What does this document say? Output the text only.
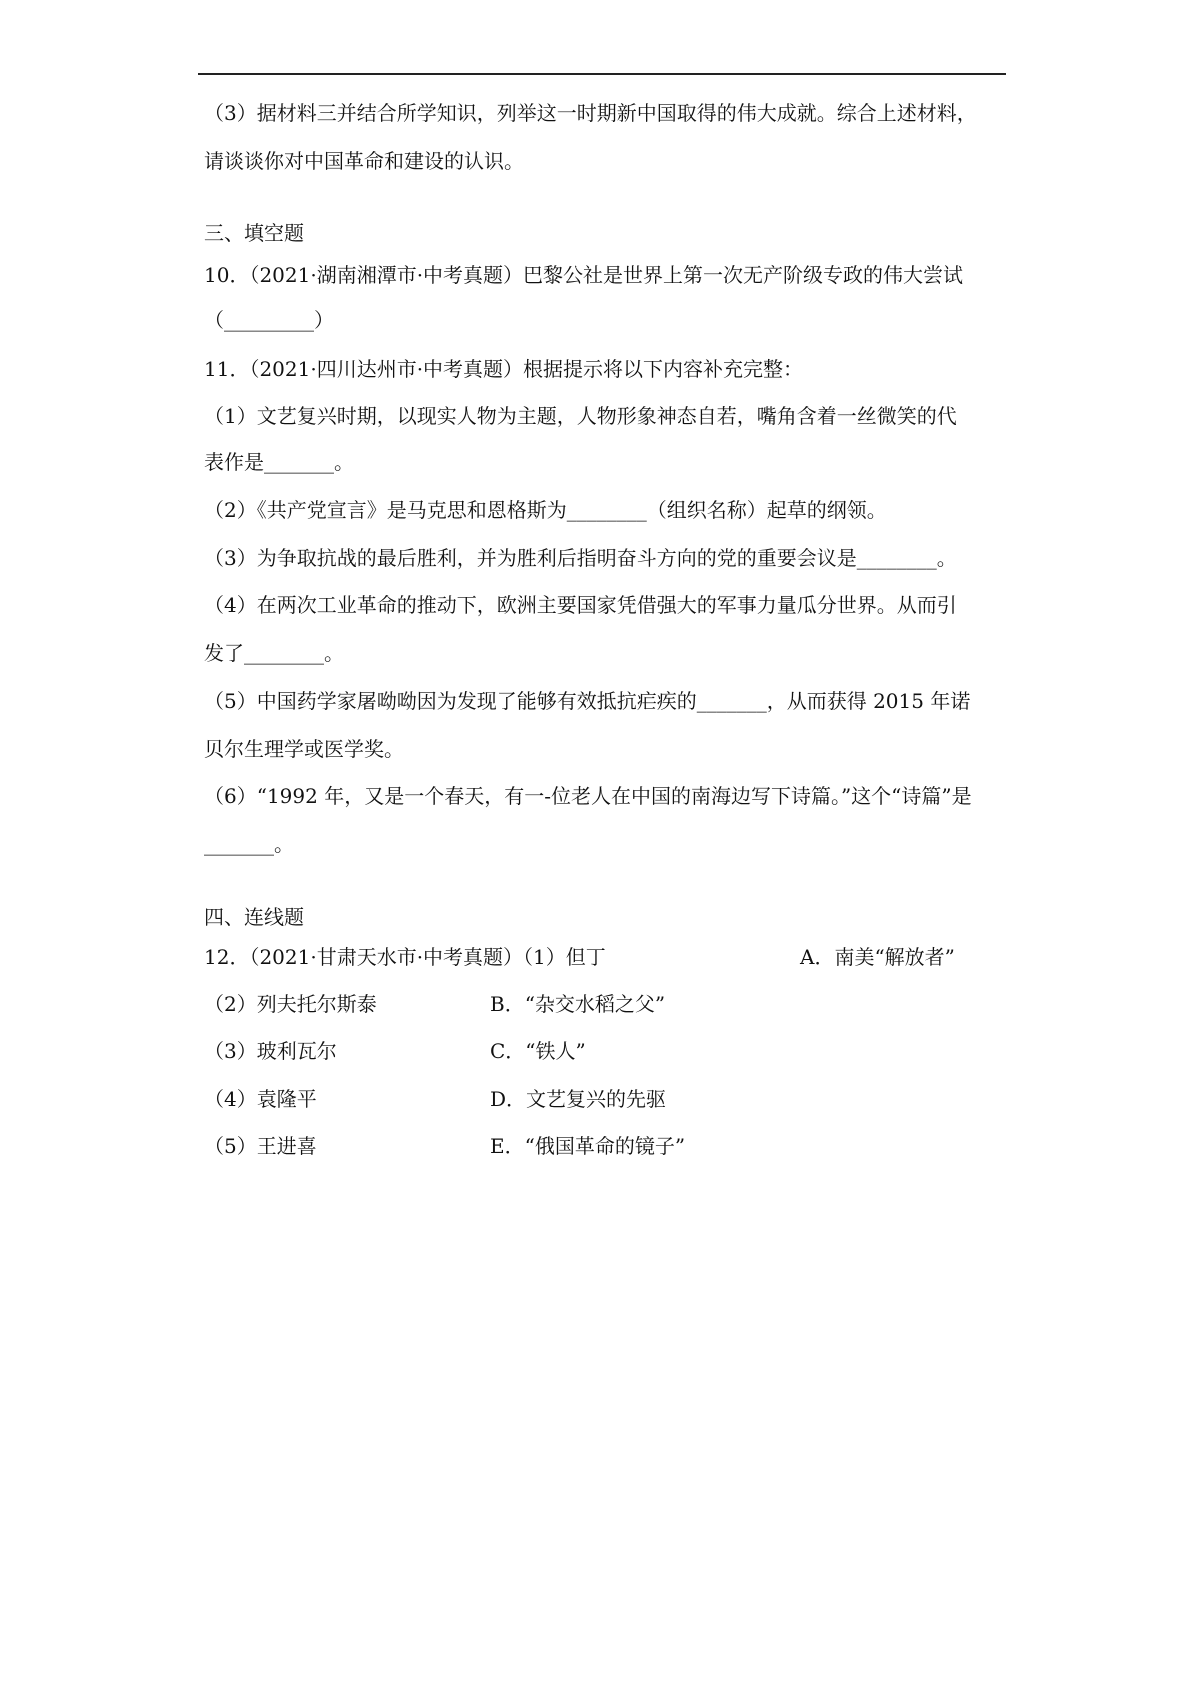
（3）据材料三并结合所学知识，列举这一时期新中国取得的伟大成就。综合上述材料，
请谈谈你对中国革命和建设的认识。
三、填空题
10．（2021·湖南湘潭市·中考真题）巴黎公社是世界上第一次无产阶级专政的伟大尝试
（_________）
11．（2021·四川达州市·中考真题）根据提示将以下内容补充完整：
（1）文艺复兴时期，以现实人物为主题，人物形象神态自若，嘴角含着一丝微笑的代
表作是_______。
（2）《共产党宣言》是马克思和恩格斯为________（组织名称）起草的纲领。
（3）为争取抗战的最后胜利，并为胜利后指明奋斗方向的党的重要会议是________。
（4）在两次工业革命的推动下，欧洲主要国家凭借强大的军事力量瓜分世界。从而引
发了________。
（5）中国药学家屠呦呦因为发现了能够有效抵抗疟疾的_______，从而获得 2015 年诺
贝尔生理学或医学奖。
（6）“1992 年，又是一个春天，有一-位老人在中国的南海边写下诗篇。”这个“诗篇”是
_______。
四、连线题
12．（2021·甘肃天水市·中考真题）（1）但丁	A．南美“解放者”
（2）列夫托尔斯泰	B．“杂交水稻之父”
（3）玻利瓦尔	C．“铁人”
（4）袁隆平	D．文艺复兴的先驱
（5）王进喜	E．“俄国革命的镜子”
